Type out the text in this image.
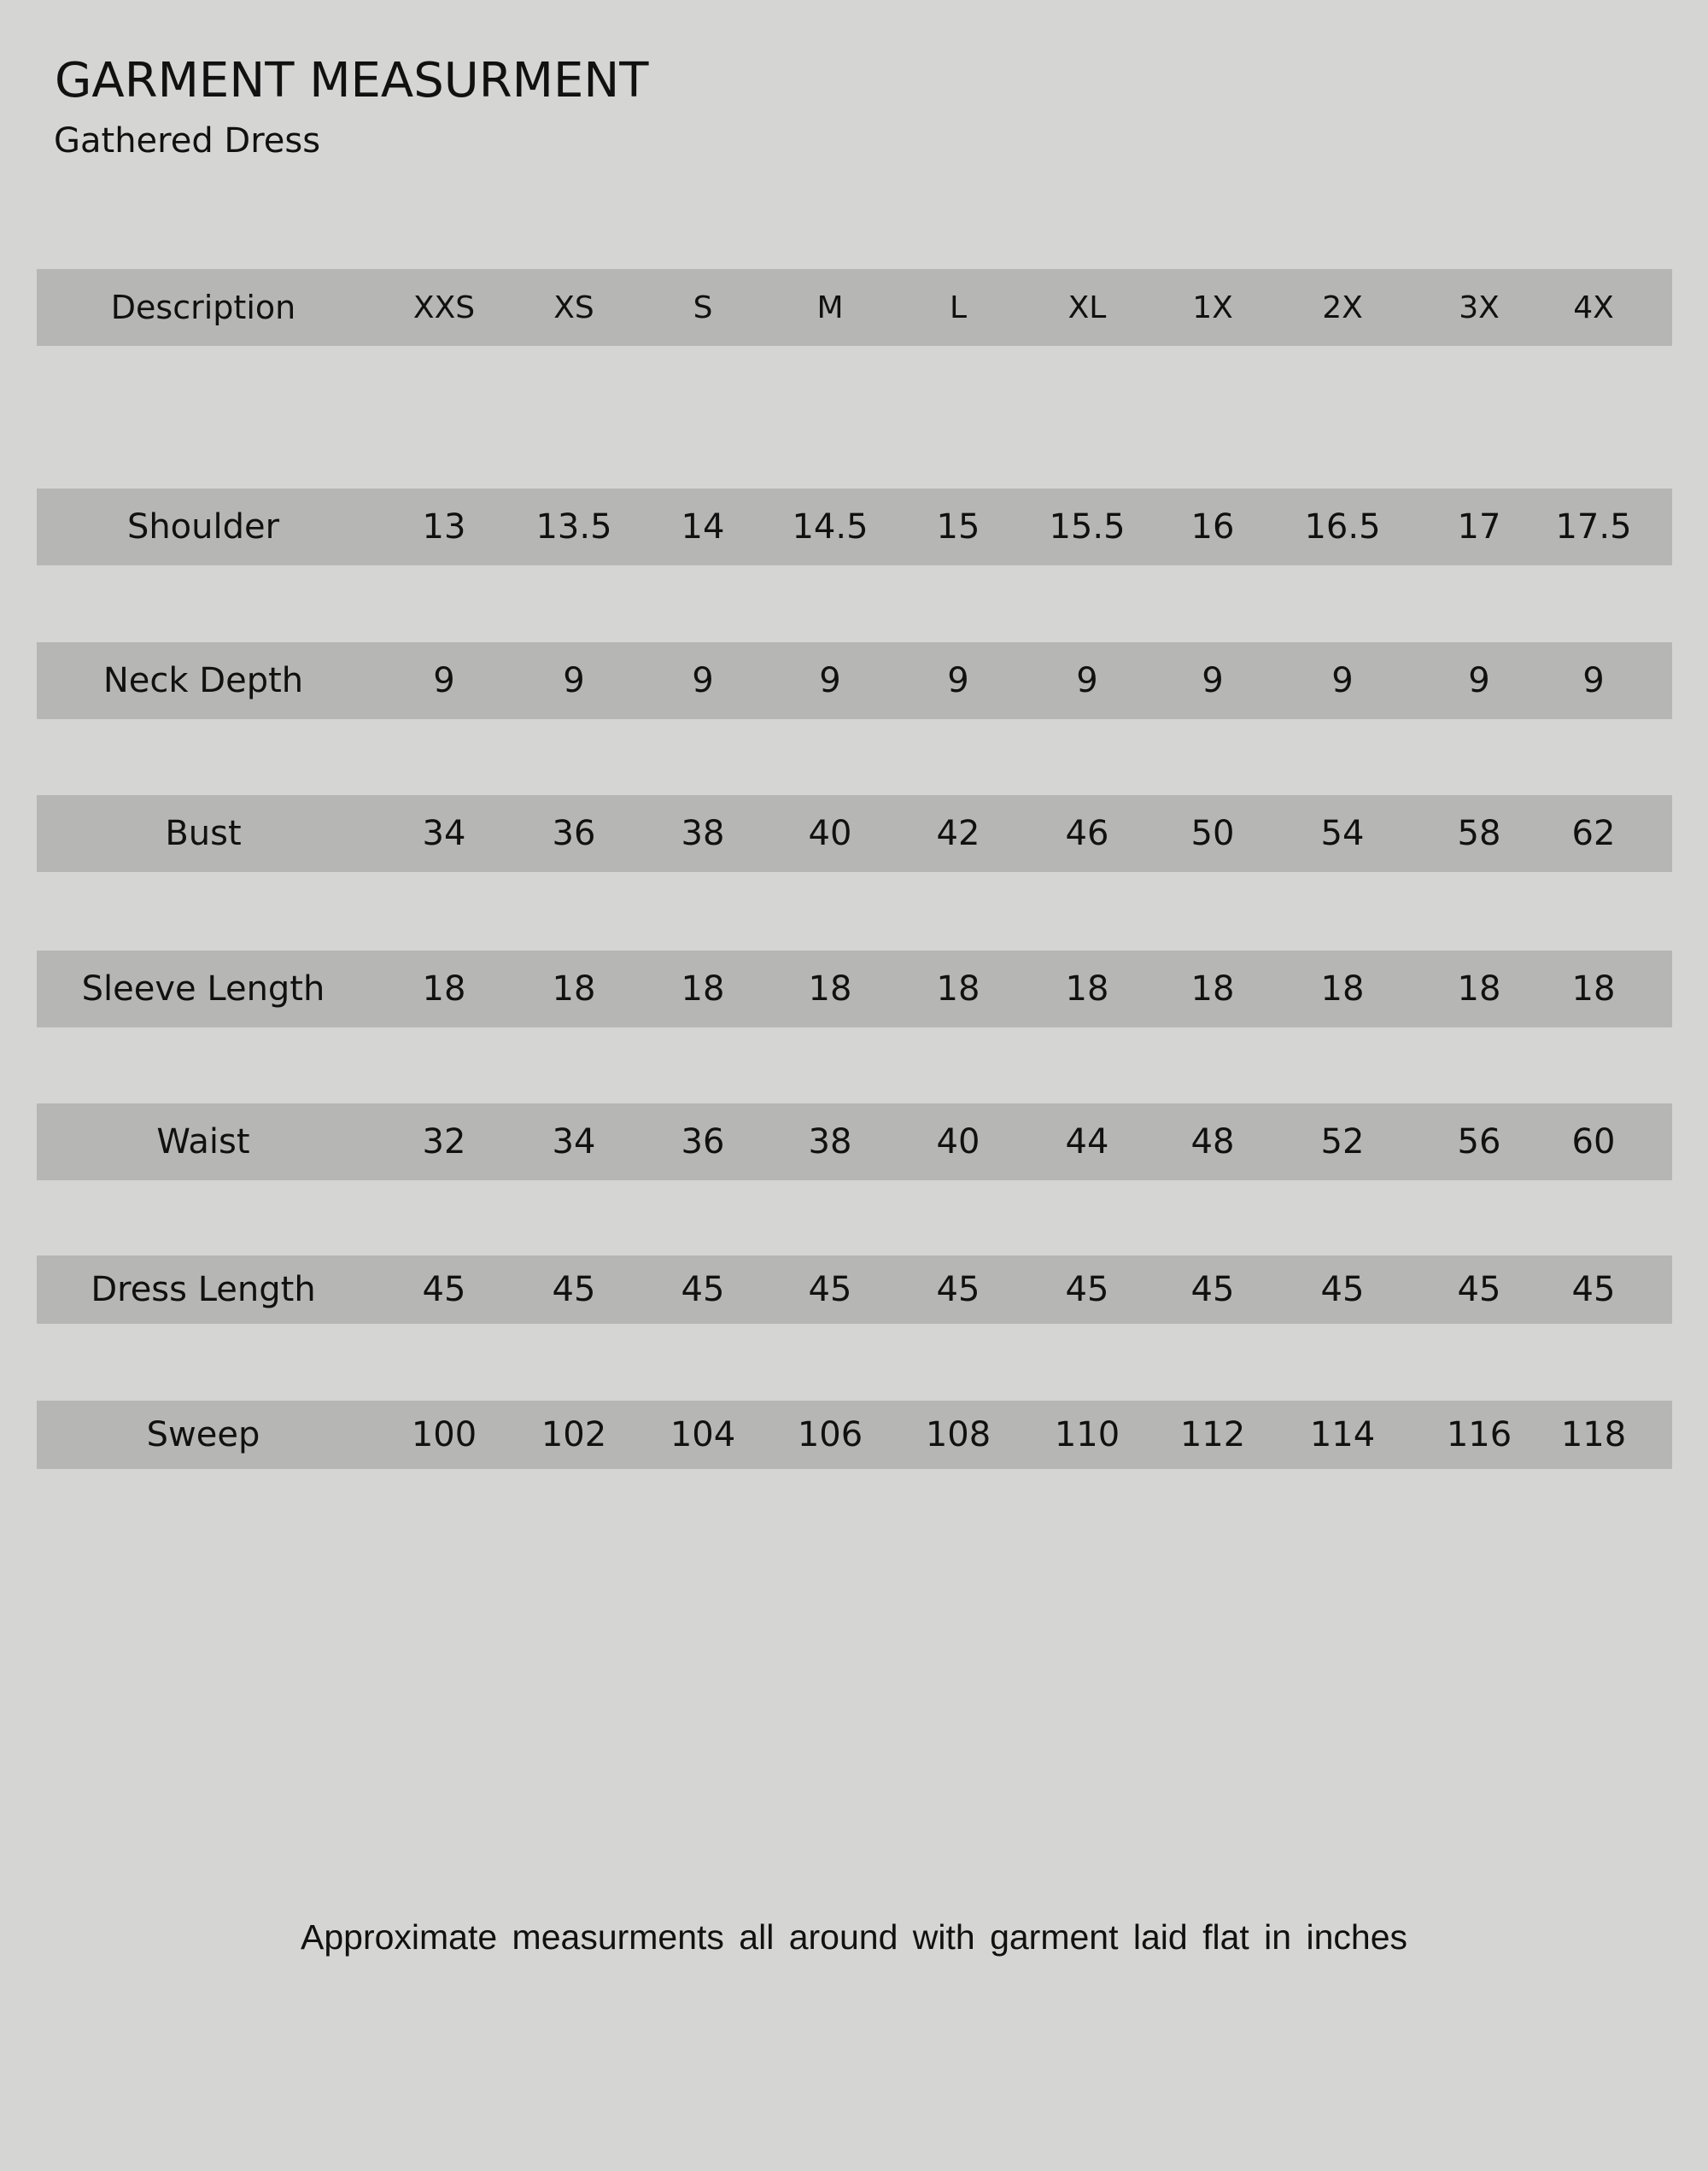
GARMENT MEASURMENT
Gathered Dress
Description	XXS	XS	S	M	L	XL	1X	2X	3X	4X
Shoulder	13	13.5	14	14.5	15	15.5	16	16.5	17	17.5
Neck Depth	9	9	9	9	9	9	9	9	9	9
Bust	34	36	38	40	42	46	50	54	58	62
Sleeve Length	18	18	18	18	18	18	18	18	18	18
Waist	32	34	36	38	40	44	48	52	56	60
Dress Length	45	45	45	45	45	45	45	45	45	45
Sweep	100	102	104	106	108	110	112	114	116	118
Approximate measurments all around with garment laid flat in inches
